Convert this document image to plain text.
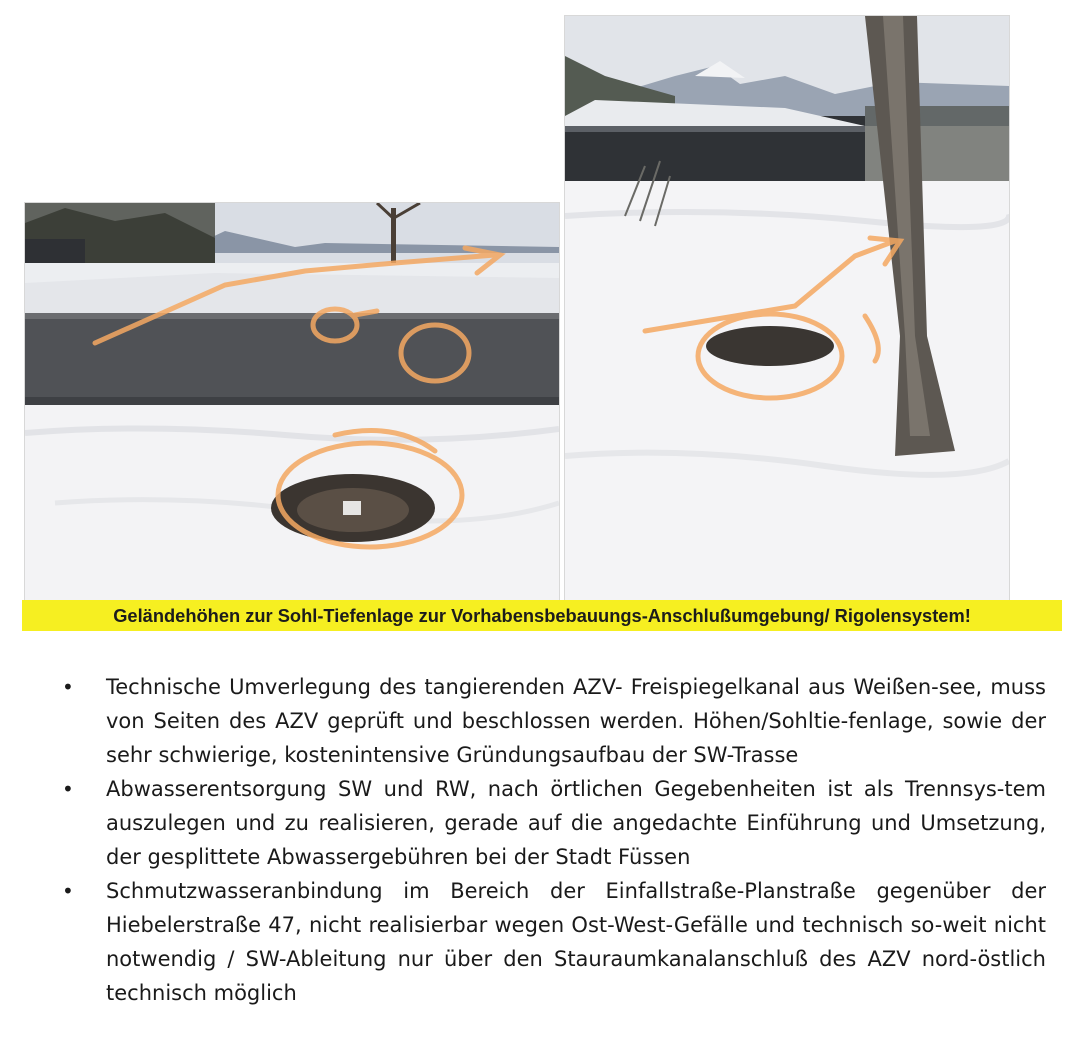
Geländehöhen zur Sohl-Tiefenlage zur Vorhabensbebauungs-Anschlußumgebung/ Rigolensystem!
• Technische Umverlegung des tangierenden AZV- Freispiegelkanal aus Weißen-see, muss von Seiten des AZV geprüft und beschlossen werden. Höhen/Sohltie-fenlage, sowie der sehr schwierige, kostenintensive Gründungsaufbau der SW-Trasse
• Abwasserentsorgung SW und RW, nach örtlichen Gegebenheiten ist als Trennsys-tem auszulegen und zu realisieren, gerade auf die angedachte Einführung und Umsetzung, der gesplittete Abwassergebühren bei der Stadt Füssen
• Schmutzwasseranbindung im Bereich der Einfallstraße-Planstraße gegenüber der Hiebelerstraße 47, nicht realisierbar wegen Ost-West-Gefälle und technisch so-weit nicht notwendig / SW-Ableitung nur über den Stauraumkanalanschluß des AZV nord-östlich technisch möglich
